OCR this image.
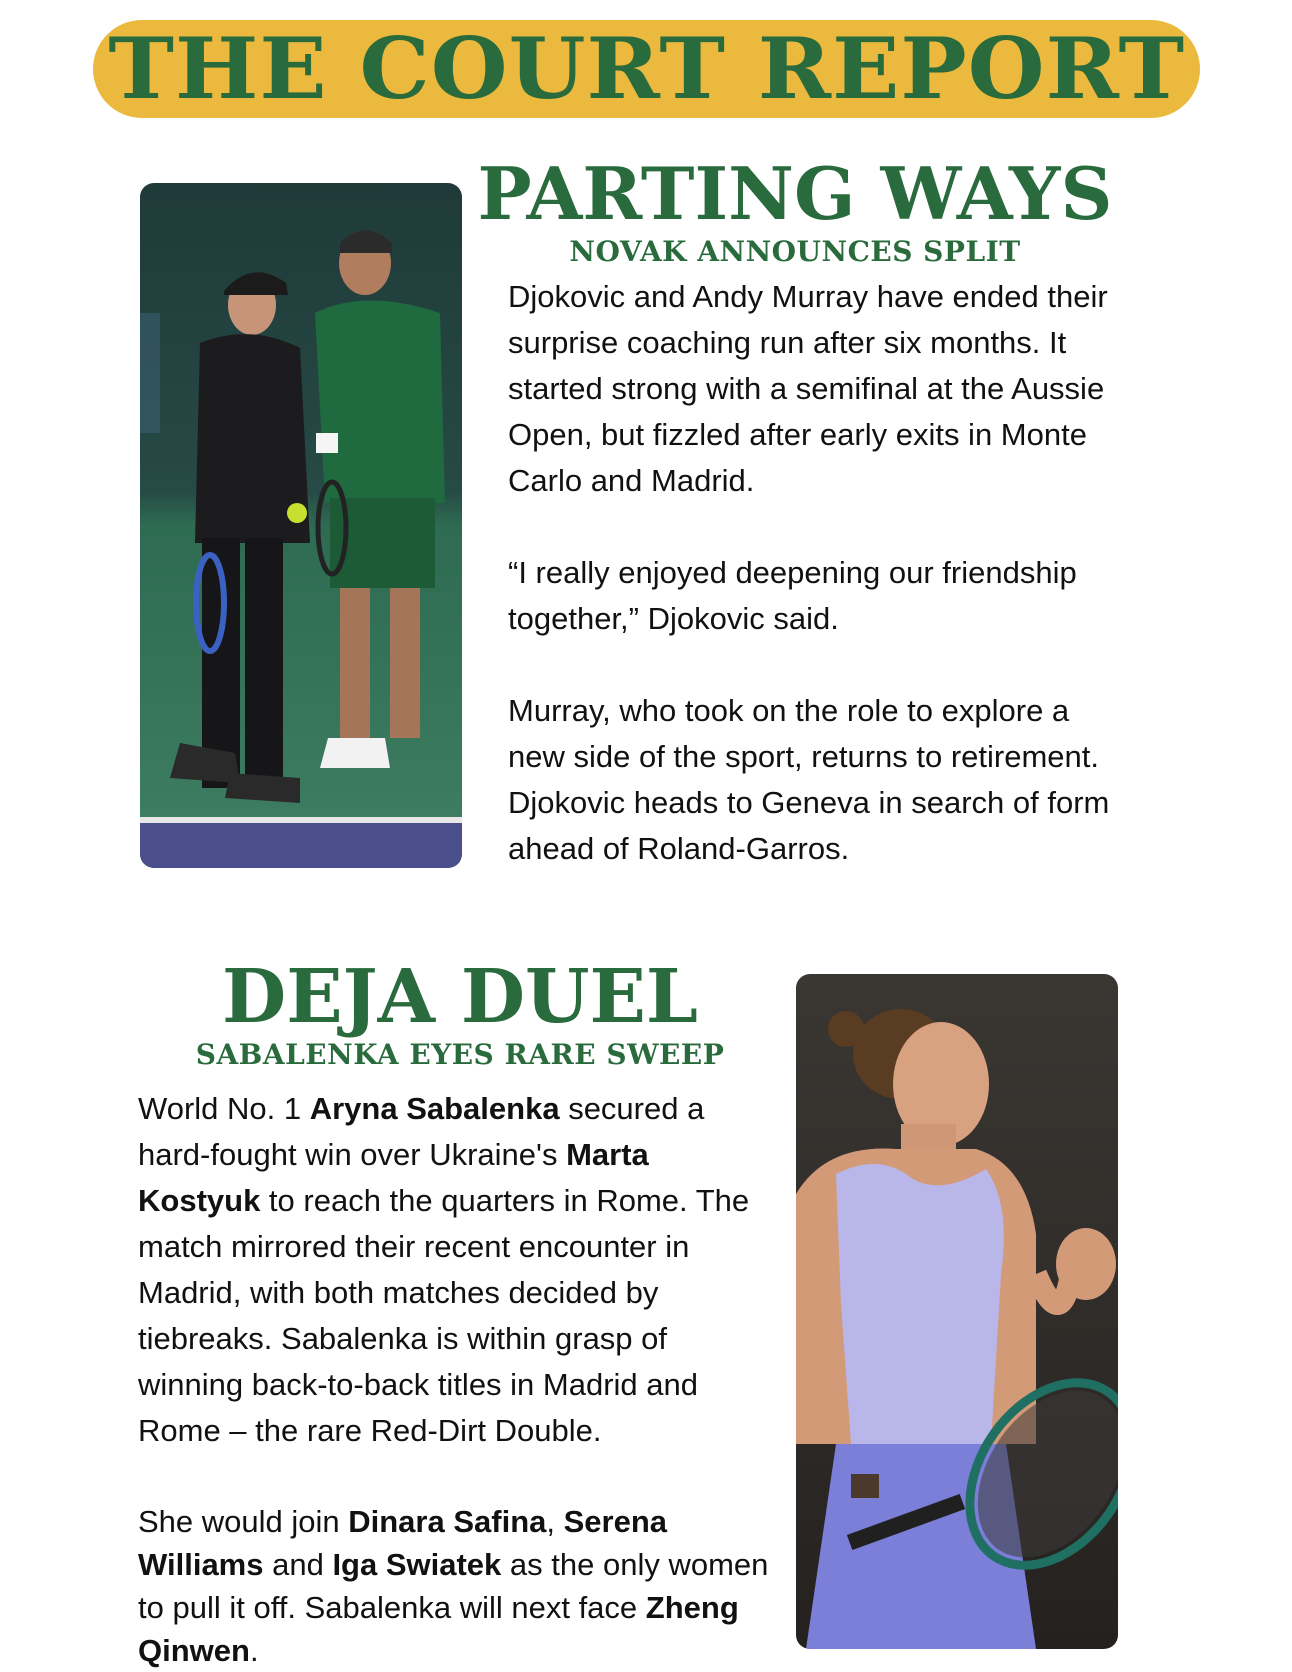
THE COURT REPORT
PARTING WAYS
NOVAK ANNOUNCES SPLIT

Djokovic and Andy Murray have ended their surprise coaching run after six months. It started strong with a semifinal at the Aussie Open, but fizzled after early exits in Monte Carlo and Madrid.

“I really enjoyed deepening our friendship together,” Djokovic said.

Murray, who took on the role to explore a new side of the sport, returns to retirement. Djokovic heads to Geneva in search of form ahead of Roland-Garros.

DEJA DUEL
SABALENKA EYES RARE SWEEP

World No. 1 Aryna Sabalenka secured a hard-fought win over Ukraine's Marta Kostyuk to reach the quarters in Rome. The match mirrored their recent encounter in Madrid, with both matches decided by tiebreaks. Sabalenka is within grasp of winning back-to-back titles in Madrid and Rome – the rare Red-Dirt Double.

She would join Dinara Safina, Serena Williams and Iga Swiatek as the only women to pull it off. Sabalenka will next face Zheng Qinwen.
